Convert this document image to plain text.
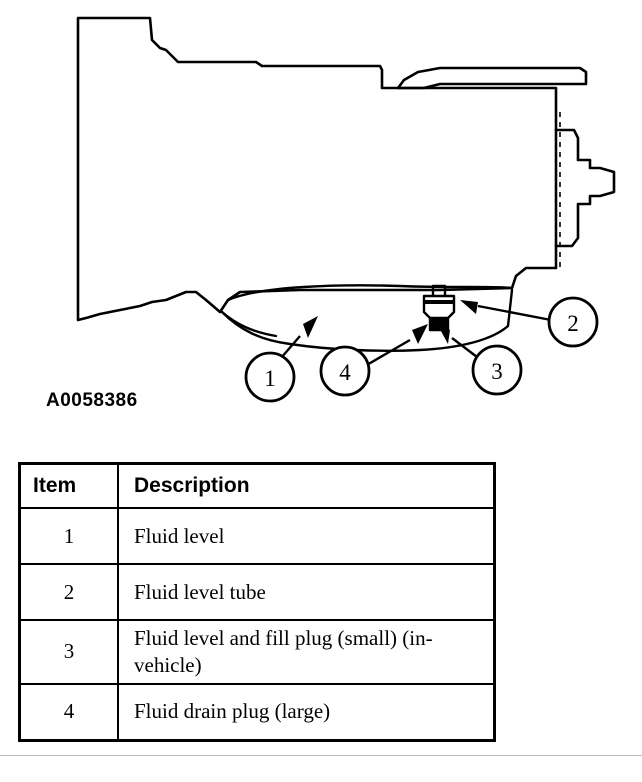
1
2
3
4
A0058386
Item	Description
1	Fluid level
2	Fluid level tube
3	Fluid level and fill plug (small) (in-vehicle)
4	Fluid drain plug (large)
